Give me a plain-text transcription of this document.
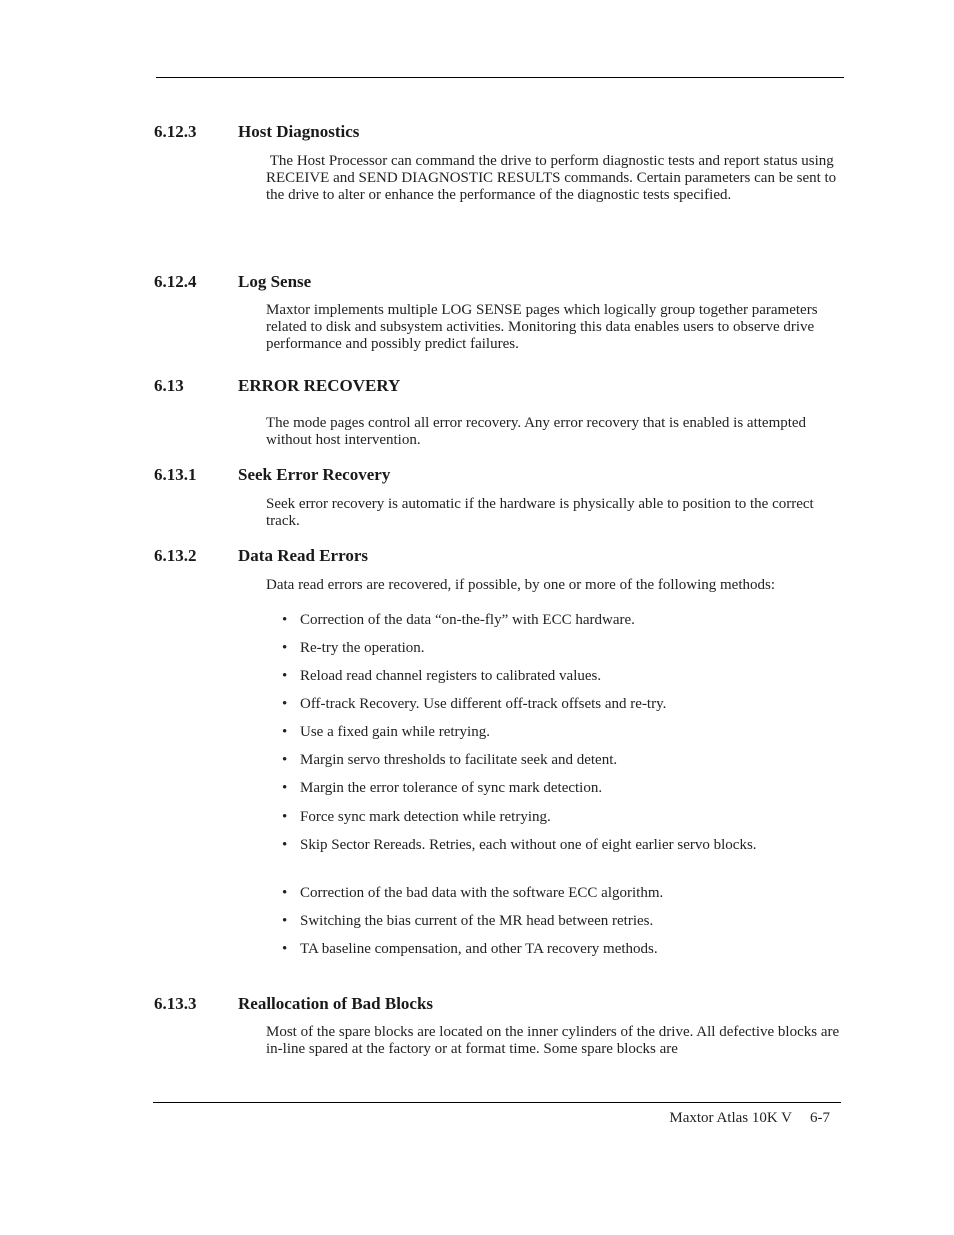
6.12.3 Host Diagnostics
The Host Processor can command the drive to perform diagnostic tests and report status using RECEIVE and SEND DIAGNOSTIC RESULTS commands. Certain parameters can be sent to the drive to alter or enhance the performance of the diagnostic tests specified.
6.12.4 Log Sense
Maxtor implements multiple LOG SENSE pages which logically group together parameters related to disk and subsystem activities. Monitoring this data enables users to observe drive performance and possibly predict failures.
6.13	ERROR RECOVERY
The mode pages control all error recovery. Any error recovery that is enabled is attempted without host intervention.
6.13.1 Seek Error Recovery
Seek error recovery is automatic if the hardware is physically able to position to the correct track.
6.13.2 Data Read Errors
Data read errors are recovered, if possible, by one or more of the following methods:
• Correction of the data “on-the-fly” with ECC hardware.
• Re-try the operation.
• Reload read channel registers to calibrated values.
• Off-track Recovery. Use different off-track offsets and re-try.
• Use a fixed gain while retrying.
• Margin servo thresholds to facilitate seek and detent.
• Margin the error tolerance of sync mark detection.
• Force sync mark detection while retrying.
• Skip Sector Rereads. Retries, each without one of eight earlier servo blocks.
• Correction of the bad data with the software ECC algorithm.
• Switching the bias current of the MR head between retries.
• TA baseline compensation, and other TA recovery methods.
6.13.3 Reallocation of Bad Blocks
Most of the spare blocks are located on the inner cylinders of the drive. All defective blocks are in-line spared at the factory or at format time. Some spare blocks are
Maxtor Atlas 10K V 6-7
